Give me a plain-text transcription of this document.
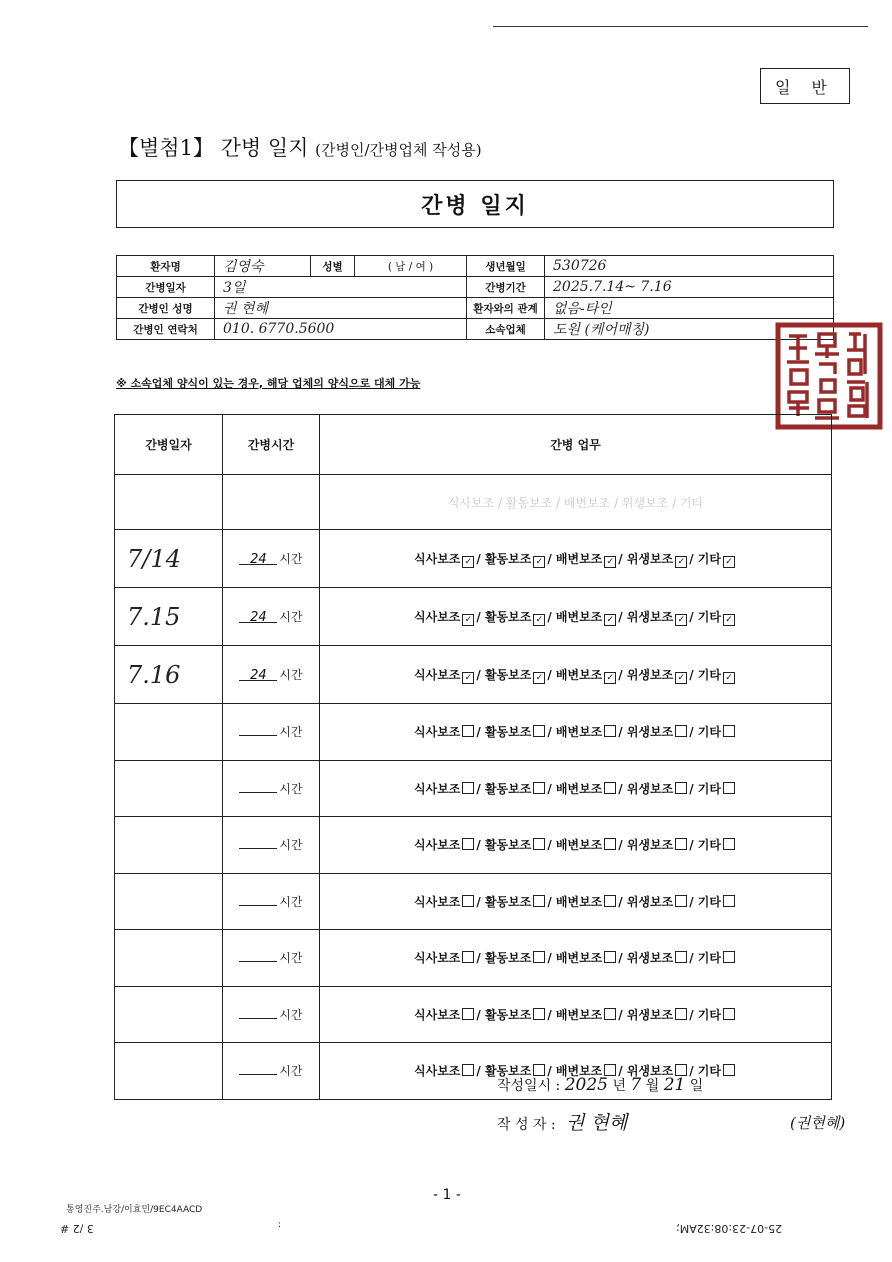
일 반
【별첨1】 간병 일지 (간병인/간병업체 작성용)
간병 일지
환자명	김영숙	성별	( 남 / 여 )	생년월일	530726
간병일자	3일			간병기간	2025.7.14~ 7.16
간병인 성명	권 현혜			환자와의 관계	없음-타인
간병인 연락처	010. 6770.5600			소속업체	도원 (케어매칭)
※ 소속업체 양식이 있는 경우, 해당 업체의 양식으로 대체 가능
간병일자	간병시간	간병 업무
		식사보조 / 활동보조 / 배변보조 / 위생보조 / 기타
7/14	24 시간	식사보조 ✓ / 활동보조 ✓ / 배변보조 ✓ / 위생보조 ✓ / 기타 ✓
7.15	24 시간	식사보조 ✓ / 활동보조 ✓ / 배변보조 ✓ / 위생보조 ✓ / 기타 ✓
7.16	24 시간	식사보조 ✓ / 활동보조 ✓ / 배변보조 ✓ / 위생보조 ✓ / 기타 ✓
	시간	식사보조 / 활동보조 / 배변보조 / 위생보조 / 기타
	시간	식사보조 / 활동보조 / 배변보조 / 위생보조 / 기타
	시간	식사보조 / 활동보조 / 배변보조 / 위생보조 / 기타
	시간	식사보조 / 활동보조 / 배변보조 / 위생보조 / 기타
	시간	식사보조 / 활동보조 / 배변보조 / 위생보조 / 기타
	시간	식사보조 / 활동보조 / 배변보조 / 위생보조 / 기타
	시간	식사보조 / 활동보조 / 배변보조 / 위생보조 / 기타
작성일시 : 2025 년 7 월 21 일
작 성 자 : 권 현혜	(권현혜)
- 1 -
통영진주.남강/이효민/9EC4AACD
3 /2 #	:	25-07-23:08:32AM;
